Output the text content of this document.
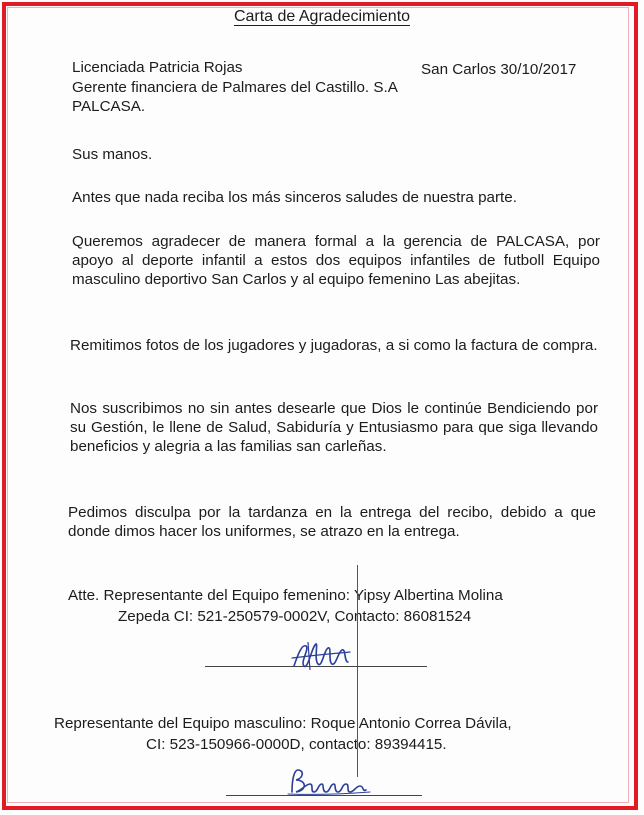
Carta de Agradecimiento
Licenciada Patricia Rojas	San Carlos 30/10/2017
Gerente financiera de Palmares del Castillo. S.A
PALCASA.
Sus manos.
Antes que nada reciba los más sinceros saludes de nuestra parte.
Queremos agradecer de manera formal a la gerencia de PALCASA, por apoyo al deporte infantil a estos dos equipos infantiles de futboll Equipo masculino deportivo San Carlos y al equipo femenino Las abejitas.
Remitimos fotos de los jugadores y jugadoras, a si como la factura de compra.
Nos suscribimos no sin antes desearle que Dios le continúe Bendiciendo por su Gestión, le llene de Salud, Sabiduría y Entusiasmo para que siga llevando beneficios y alegria a las familias san carleñas.
Pedimos disculpa por la tardanza en la entrega del recibo, debido a que donde dimos hacer los uniformes, se atrazo en la entrega.
Atte. Representante del Equipo femenino: Yipsy Albertina Molina
Zepeda CI: 521-250579-0002V, Contacto: 86081524
Representante del Equipo masculino: Roque Antonio Correa Dávila,
CI: 523-150966-0000D, contacto: 89394415.
